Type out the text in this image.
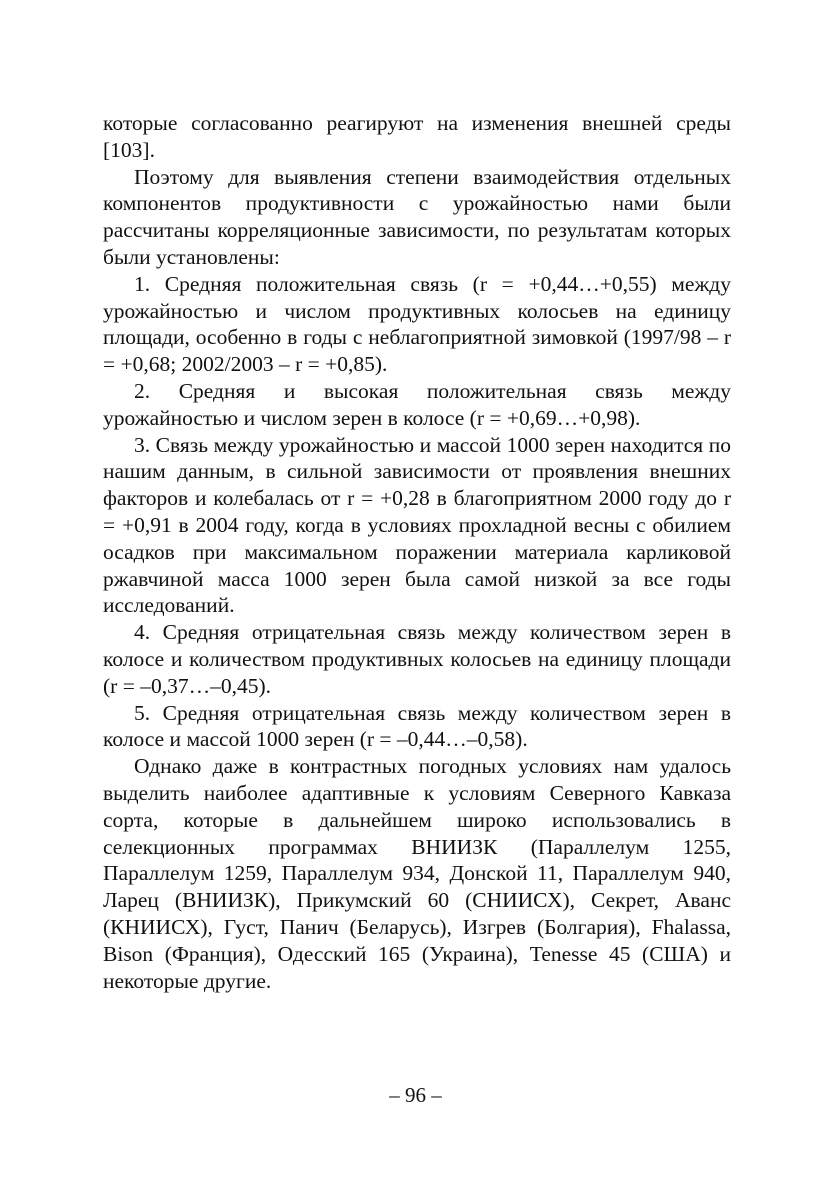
которые согласованно реагируют на изменения внешней среды [103].

Поэтому для выявления степени взаимодействия отдельных компонентов продуктивности с урожайностью нами были рассчитаны корреляционные зависимости, по результатам которых были установлены:

1. Средняя положительная связь (r = +0,44…+0,55) между урожайностью и числом продуктивных колосьев на единицу площади, особенно в годы с неблагоприятной зимовкой (1997/98 – r = +0,68; 2002/2003 – r = +0,85).

2. Средняя и высокая положительная связь между урожайностью и числом зерен в колосе (r = +0,69…+0,98).

3. Связь между урожайностью и массой 1000 зерен находится по нашим данным, в сильной зависимости от проявления внешних факторов и колебалась от r = +0,28 в благоприятном 2000 году до r = +0,91 в 2004 году, когда в условиях прохладной весны с обилием осадков при максимальном поражении материала карликовой ржавчиной масса 1000 зерен была самой низкой за все годы исследований.

4. Средняя отрицательная связь между количеством зерен в колосе и количеством продуктивных колосьев на единицу площади (r = –0,37…–0,45).

5. Средняя отрицательная связь между количеством зерен в колосе и массой 1000 зерен (r = –0,44…–0,58).

Однако даже в контрастных погодных условиях нам удалось выделить наиболее адаптивные к условиям Северного Кавказа сорта, которые в дальнейшем широко использовались в селекционных программах ВНИИЗК (Параллелум 1255, Параллелум 1259, Параллелум 934, Донской 11, Параллелум 940, Ларец (ВНИИЗК), Прикумский 60 (СНИИСХ), Секрет, Аванс (КНИИСХ), Густ, Панич (Беларусь), Изгрев (Болгария), Fhalassa, Bison (Франция), Одесский 165 (Украина), Tenesse 45 (США) и некоторые другие.

– 96 –
